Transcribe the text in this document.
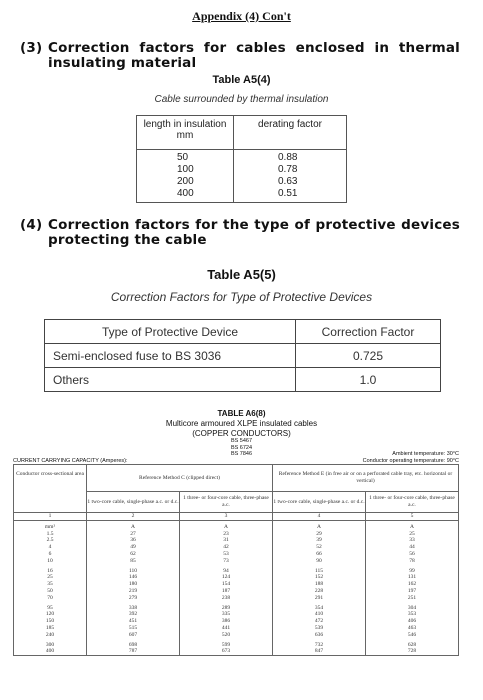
Appendix (4) Con't
(3) Correction factors for cables enclosed in thermal insulating material
Table A5(4)
Cable surrounded by thermal insulation
length in insulation mm	derating factor
50	0.88
100	0.78
200	0.63
400	0.51
(4) Correction factors for the type of protective devices protecting the cable
Table A5(5)
Correction Factors for Type of Protective Devices
Type of Protective Device	Correction Factor
Semi-enclosed fuse to BS 3036	0.725
Others	1.0
TABLE A6(8)
Multicore armoured XLPE insulated cables
(COPPER CONDUCTORS)
BS 5467
BS 6724
BS 7846
CURRENT CARRYING CAPACITY (Amperes):
Ambient temperature: 30°C
Conductor operating temperature: 90°C
Conductor cross-sectional area	Reference Method C (clipped direct)		Reference Method E (in free air or on a perforated cable tray, etc. horizontal or vertical)	
	1 two-core cable, single-phase a.c. or d.c.	1 three- or four-core cable, three-phase a.c.	1 two-core cable, single-phase a.c. or d.c.	1 three- or four-core cable, three-phase a.c.
1	2	3	4	5
mm²	A	A	A	A
1.5	27	23	29	25
2.5	36	31	39	33
4	49	42	52	44
6	62	53	66	56
10	85	73	90	78
16	110	94	115	99
25	146	124	152	131
35	180	154	188	162
50	219	187	228	197
70	279	238	291	251
95	338	289	354	304
120	392	335	410	353
150	451	386	472	406
185	515	441	539	463
240	607	520	636	546
300	698	599	732	628
400	787	673	847	728
